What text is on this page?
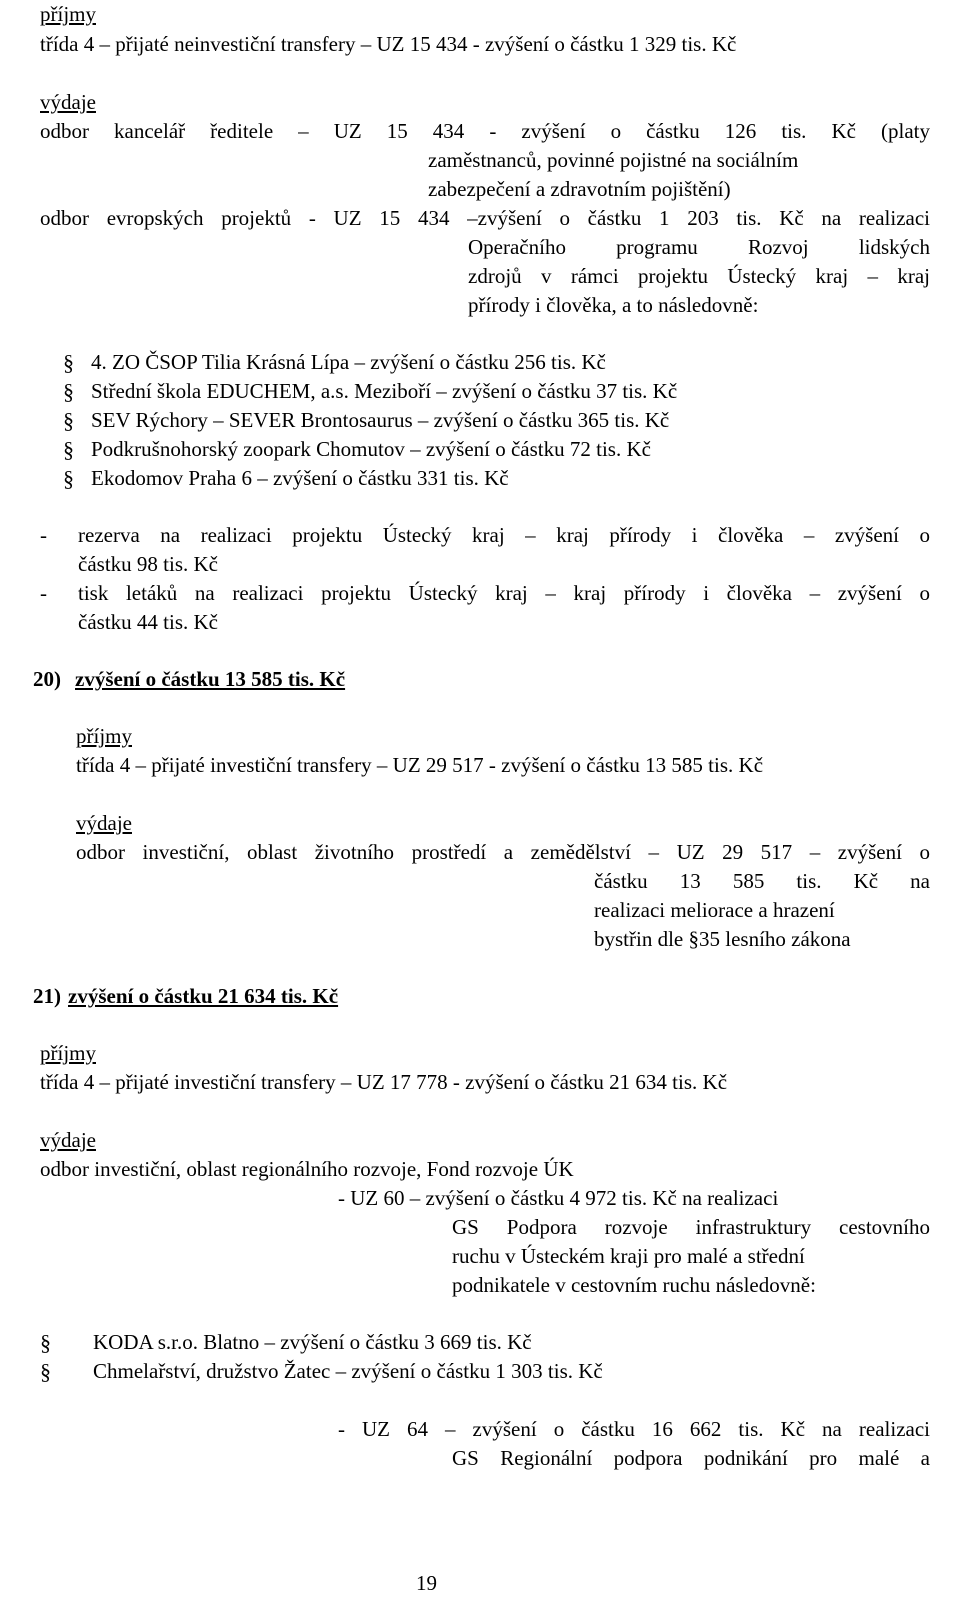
příjmy
třída 4 – přijaté neinvestiční transfery – UZ 15 434 - zvýšení o částku 1 329 tis. Kč
výdaje
odbor kancelář ředitele – UZ 15 434 - zvýšení o částku 126 tis. Kč (platy
zaměstnanců, povinné pojistné na sociálním
zabezpečení a zdravotním pojištění)
odbor evropských projektů - UZ 15 434 –zvýšení o částku 1 203 tis. Kč na realizaci
Operačního programu Rozvoj lidských
zdrojů v rámci projektu Ústecký kraj – kraj
přírody i člověka, a to následovně:
§ 4. ZO ČSOP Tilia Krásná Lípa – zvýšení o částku 256 tis. Kč
§ Střední škola EDUCHEM, a.s. Meziboří – zvýšení o částku 37 tis. Kč
§ SEV Rýchory – SEVER Brontosaurus – zvýšení o částku 365 tis. Kč
§ Podkrušnohorský zoopark Chomutov – zvýšení o částku 72 tis. Kč
§ Ekodomov Praha 6 – zvýšení o částku 331 tis. Kč
- rezerva na realizaci projektu Ústecký kraj – kraj přírody i člověka – zvýšení o
částku 98 tis. Kč
- tisk letáků na realizaci projektu Ústecký kraj – kraj přírody i člověka – zvýšení o
částku 44 tis. Kč
20) zvýšení o částku 13 585 tis. Kč
příjmy
třída 4 – přijaté investiční transfery – UZ 29 517 - zvýšení o částku 13 585 tis. Kč
výdaje
odbor investiční, oblast životního prostředí a zemědělství – UZ 29 517 – zvýšení o
částku 13 585 tis. Kč na
realizaci meliorace a hrazení
bystřin dle §35 lesního zákona
21) zvýšení o částku 21 634 tis. Kč
příjmy
třída 4 – přijaté investiční transfery – UZ 17 778 - zvýšení o částku 21 634 tis. Kč
výdaje
odbor investiční, oblast regionálního rozvoje, Fond rozvoje ÚK
- UZ 60 – zvýšení o částku 4 972 tis. Kč na realizaci
GS Podpora rozvoje infrastruktury cestovního
ruchu v Ústeckém kraji pro malé a střední
podnikatele v cestovním ruchu následovně:
§ KODA s.r.o. Blatno – zvýšení o částku 3 669 tis. Kč
§ Chmelařství, družstvo Žatec – zvýšení o částku 1 303 tis. Kč
- UZ 64 – zvýšení o částku 16 662 tis. Kč na realizaci
GS Regionální podpora podnikání pro malé a
19
